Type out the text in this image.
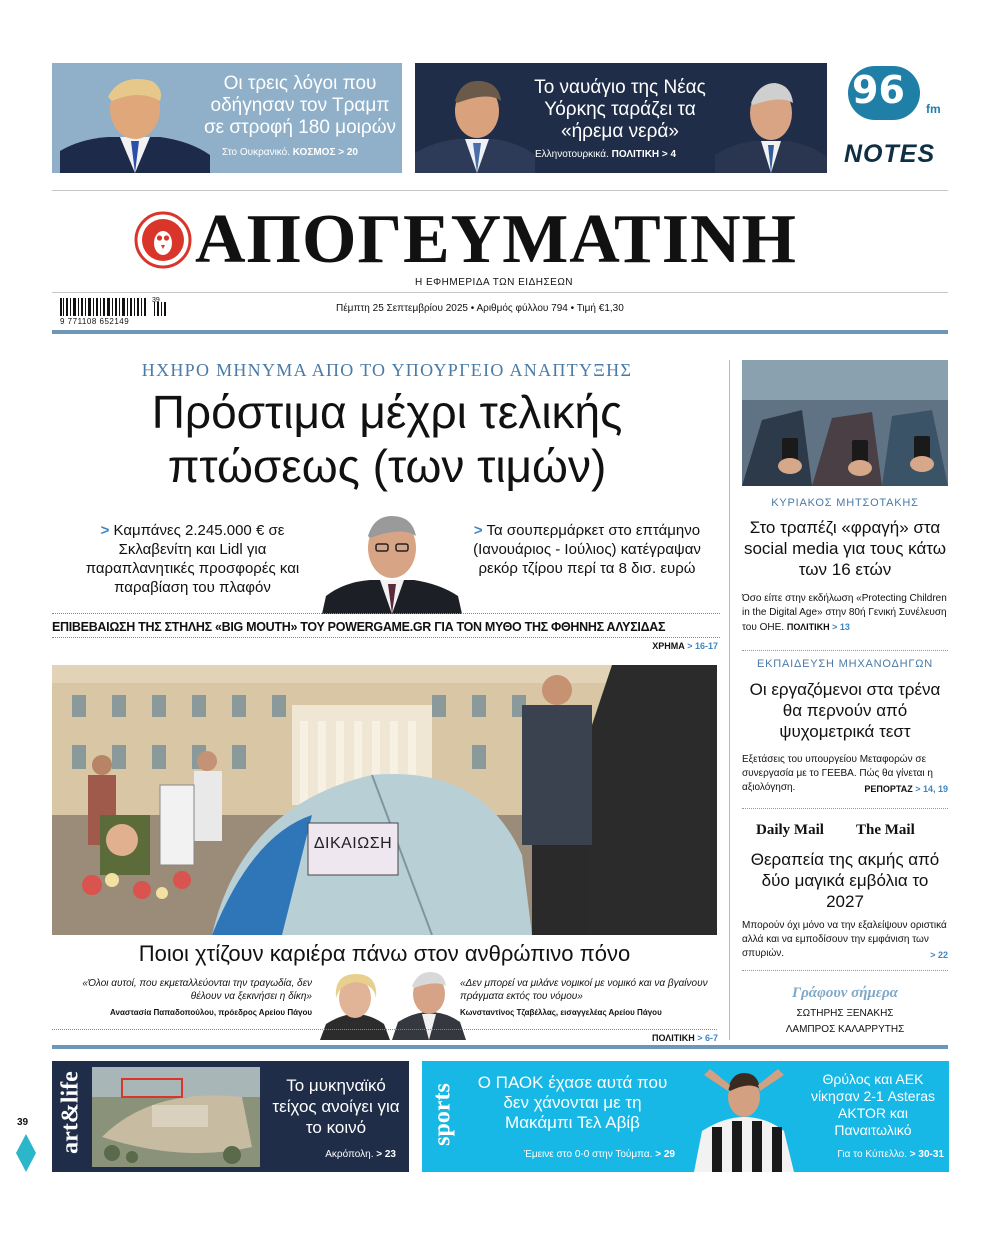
Οι τρεις λόγοι που οδήγησαν τον Τραμπ σε στροφή 180 μοιρών
Στο Ουκρανικό. ΚΟΣΜΟΣ > 20
Το ναυάγιο της Νέας Υόρκης ταράζει τα «ήρεμα νερά»
Ελληνοτουρκικά. ΠΟΛΙΤΙΚΗ > 4
96 fm
NOTES
ΑΠΟΓΕΥΜΑΤΙΝΗ
Η ΕΦΗΜΕΡΙΔΑ ΤΩΝ ΕΙΔΗΣΕΩΝ
9 771108 652149
39
Πέμπτη 25 Σεπτεμβρίου 2025 • Αριθμός φύλλου 794 • Τιμή €1,30
ΗΧΗΡΟ ΜΗΝΥΜΑ ΑΠΟ ΤΟ ΥΠΟΥΡΓΕΙΟ ΑΝΑΠΤΥΞΗΣ
Πρόστιμα μέχρι τελικής
πτώσεως (των τιμών)
> Καμπάνες 2.245.000 € σε Σκλαβενίτη και Lidl για παραπλανητικές προσφορές και παραβίαση του πλαφόν
> Τα σουπερμάρκετ στο επτάμηνο (Ιανουάριος - Ιούλιος) κατέγραψαν ρεκόρ τζίρου περί τα 8 δισ. ευρώ
ΕΠΙΒΕΒΑΙΩΣΗ ΤΗΣ ΣΤΗΛΗΣ «BIG MOUTH» ΤΟΥ POWERGAME.GR ΓΙΑ ΤΟΝ ΜΥΘΟ ΤΗΣ ΦΘΗΝΗΣ ΑΛΥΣΙΔΑΣ
ΧΡΗΜΑ > 16-17
ΔΙΚΑΙΩΣΗ
Ποιοι χτίζουν καριέρα πάνω στον ανθρώπινο πόνο
«Όλοι αυτοί, που εκμεταλλεύονται την τραγωδία, δεν θέλουν να ξεκινήσει η δίκη»
Αναστασία Παπαδοπούλου, πρόεδρος Αρείου Πάγου
«Δεν μπορεί να μιλάνε νομικοί με νομικό και να βγαίνουν πράγματα εκτός του νόμου»
Κωνσταντίνος Τζαβέλλας, εισαγγελέας Αρείου Πάγου
ΠΟΛΙΤΙΚΗ > 6-7
ΚΥΡΙΑΚΟΣ ΜΗΤΣΟΤΑΚΗΣ
Στο τραπέζι «φραγή» στα social media για τους κάτω των 16 ετών
Όσο είπε στην εκδήλωση «Protecting Children in the Digital Age» στην 80ή Γενική Συνέλευση του ΟΗΕ. ΠΟΛΙΤΙΚΗ > 13
ΕΚΠΑΙΔΕΥΣΗ ΜΗΧΑΝΟΔΗΓΩΝ
Οι εργαζόμενοι στα τρένα θα περνούν από ψυχομετρικά τεστ
Εξετάσεις του υπουργείου Μεταφορών σε συνεργασία με το ΓΕΕΒΑ. Πώς θα γίνεται η αξιολόγηση.	ΡΕΠΟΡΤΑΖ > 14, 19
Daily Mail The Mail
Θεραπεία της ακμής από δύο μαγικά εμβόλια το 2027
Μπορούν όχι μόνο να την εξαλείψουν οριστικά αλλά και να εμποδίσουν την εμφάνιση των σπυριών.	> 22
Γράφουν σήμερα
ΣΩΤΗΡΗΣ ΞΕΝΑΚΗΣ
ΛΑΜΠΡΟΣ ΚΑΛΑΡΡΥΤΗΣ
39 art&life	Το μυκηναϊκό τείχος ανοίγει για το κοινό
Ακρόπολη. > 23
sports
Ο ΠΑΟΚ έχασε αυτά που δεν χάνονται με τη Μακάμπι Τελ Αβίβ
Έμεινε στο 0-0 στην Τούμπα. > 29
Θρύλος και ΑΕΚ νίκησαν 2-1 Asteras AKTOR και Παναιτωλικό
Για το Κύπελλο. > 30-31
